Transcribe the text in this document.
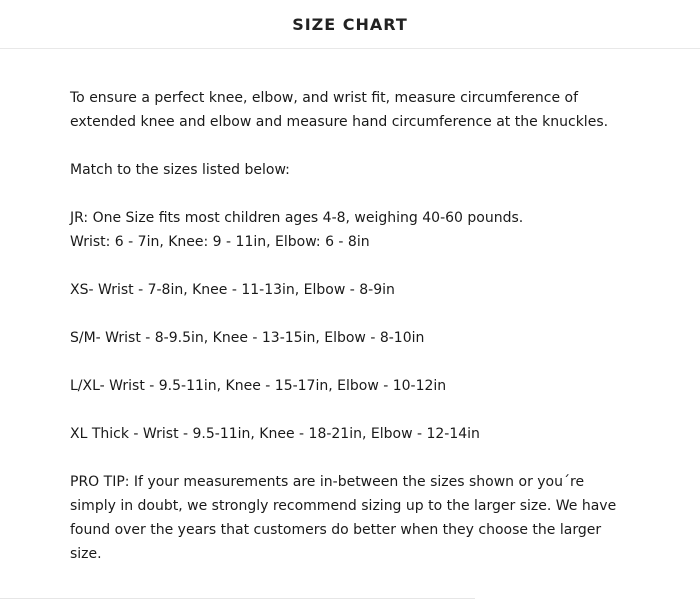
SIZE CHART

To ensure a perfect knee, elbow, and wrist fit, measure circumference of
extended knee and elbow and measure hand circumference at the knuckles.

Match to the sizes listed below:

JR: One Size fits most children ages 4-8, weighing 40-60 pounds.
Wrist: 6 - 7in, Knee: 9 - 11in, Elbow: 6 - 8in

XS- Wrist - 7-8in, Knee - 11-13in, Elbow - 8-9in

S/M- Wrist - 8-9.5in, Knee - 13-15in, Elbow - 8-10in

L/XL- Wrist - 9.5-11in, Knee - 15-17in, Elbow - 10-12in

XL Thick - Wrist - 9.5-11in, Knee - 18-21in, Elbow - 12-14in

PRO TIP: If your measurements are in-between the sizes shown or you´re
simply in doubt, we strongly recommend sizing up to the larger size. We have
found over the years that customers do better when they choose the larger
size.
